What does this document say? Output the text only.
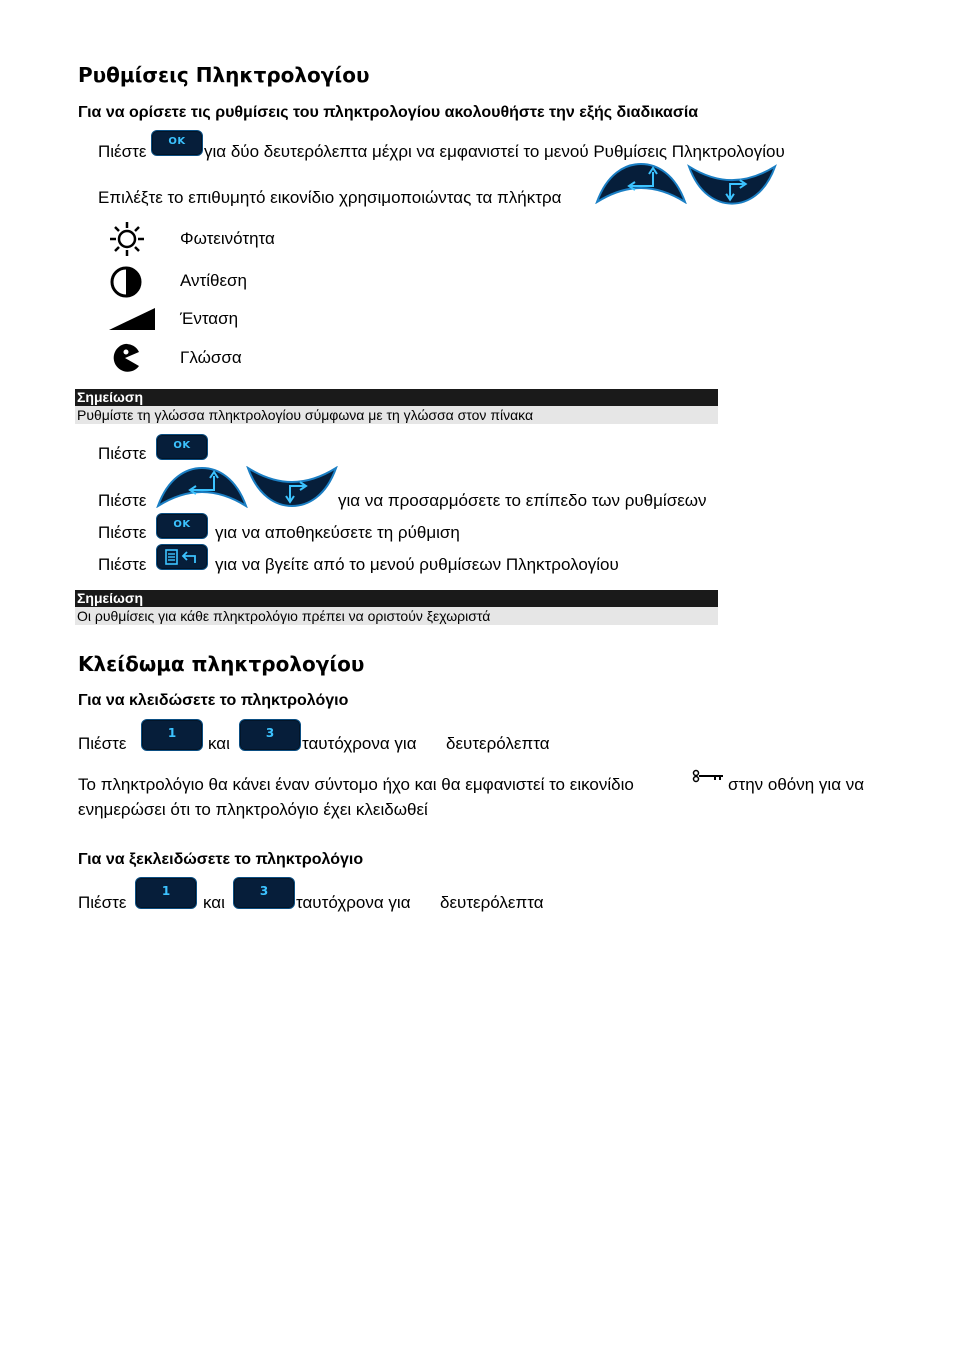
Ρυθμίσεις Πληκτρολογίου
Για να ορίσετε τις ρυθμίσεις του πληκτρολογίου ακολουθήστε την εξής διαδικασία
Πιέστε
OK
για δύο δευτερόλεπτα μέχρι να εμφανιστεί το μενού Ρυθμίσεις Πληκτρολογίου
Επιλέξτε το επιθυμητό εικονίδιο χρησιμοποιώντας τα πλήκτρα
Φωτεινότητα
Αντίθεση
Ένταση
Γλώσσα
Σημείωση
Ρυθμίστε τη γλώσσα πληκτρολογίου σύμφωνα με τη γλώσσα στον πίνακα
Πιέστε	OK
Πιέστε	για να προσαρμόσετε το επίπεδο των ρυθμίσεων
Πιέστε	OK για να αποθηκεύσετε τη ρύθμιση
Πιέστε	για να βγείτε από το μενού ρυθμίσεων Πληκτρολογίου
Σημείωση
Οι ρυθμίσεις για κάθε πληκτρολόγιο πρέπει να οριστούν ξεχωριστά
Κλείδωμα πληκτρολογίου
Για να κλειδώσετε το πληκτρολόγιο
Πιέστε
1
και
3
ταυτόχρονα για δευτερόλεπτα
Το πληκτρολόγιο θα κάνει έναν σύντομο ήχο και θα εμφανιστεί το εικονίδιο	στην οθόνη για να
ενημερώσει ότι το πληκτρολόγιο έχει κλειδωθεί
Για να ξεκλειδώσετε το πληκτρολόγιο
Πιέστε
1
και
3
ταυτόχρονα για δευτερόλεπτα
